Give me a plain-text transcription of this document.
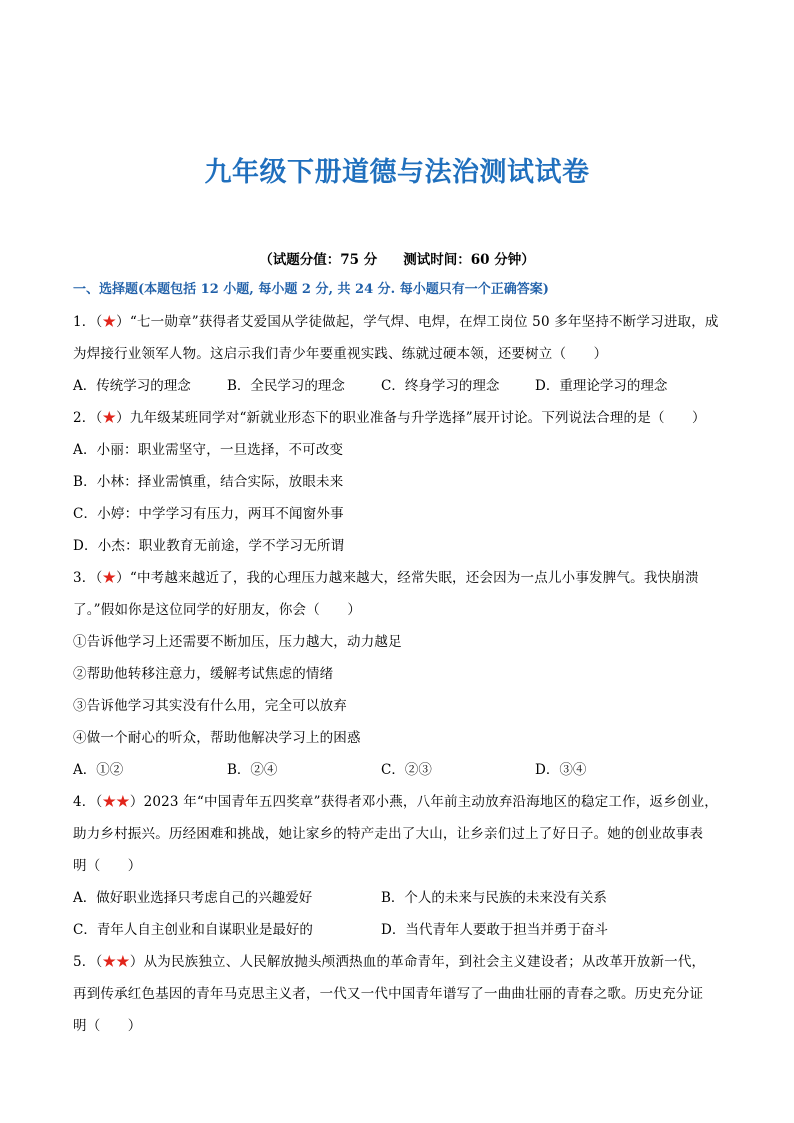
九年级下册道德与法治测试试卷
（试题分值：75 分 测试时间：60 分钟）
一、选择题(本题包括 12 小题, 每小题 2 分, 共 24 分. 每小题只有一个正确答案)
1．（★）“七一勋章”获得者艾爱国从学徒做起，学气焊、电焊，在焊工岗位 50 多年坚持不断学习进取，成
为焊接行业领军人物。这启示我们青少年要重视实践、练就过硬本领，还要树立（　　）
A．传统学习的理念	B．全民学习的理念	C．终身学习的理念	D．重理论学习的理念
2．（★）九年级某班同学对“新就业形态下的职业准备与升学选择”展开讨论。下列说法合理的是（　　）
A．小丽：职业需坚守，一旦选择，不可改变
B．小林：择业需慎重，结合实际，放眼未来
C．小婷：中学学习有压力，两耳不闻窗外事
D．小杰：职业教育无前途，学不学习无所谓
3．（★）“中考越来越近了，我的心理压力越来越大，经常失眠，还会因为一点儿小事发脾气。我快崩溃
了。”假如你是这位同学的好朋友，你会（　　）
①告诉他学习上还需要不断加压，压力越大，动力越足
②帮助他转移注意力，缓解考试焦虑的情绪
③告诉他学习其实没有什么用，完全可以放弃
④做一个耐心的听众，帮助他解决学习上的困惑
A．①②	B．②④	C．②③	D．③④
4．（★★）2023 年“中国青年五四奖章”获得者邓小燕，八年前主动放弃沿海地区的稳定工作，返乡创业，
助力乡村振兴。历经困难和挑战，她让家乡的特产走出了大山，让乡亲们过上了好日子。她的创业故事表
明（　　）
A．做好职业选择只考虑自己的兴趣爱好	B．个人的未来与民族的未来没有关系
C．青年人自主创业和自谋职业是最好的	D．当代青年人要敢于担当并勇于奋斗
5．（★★）从为民族独立、人民解放抛头颅洒热血的革命青年，到社会主义建设者；从改革开放新一代，
再到传承红色基因的青年马克思主义者，一代又一代中国青年谱写了一曲曲壮丽的青春之歌。历史充分证
明（　　）
